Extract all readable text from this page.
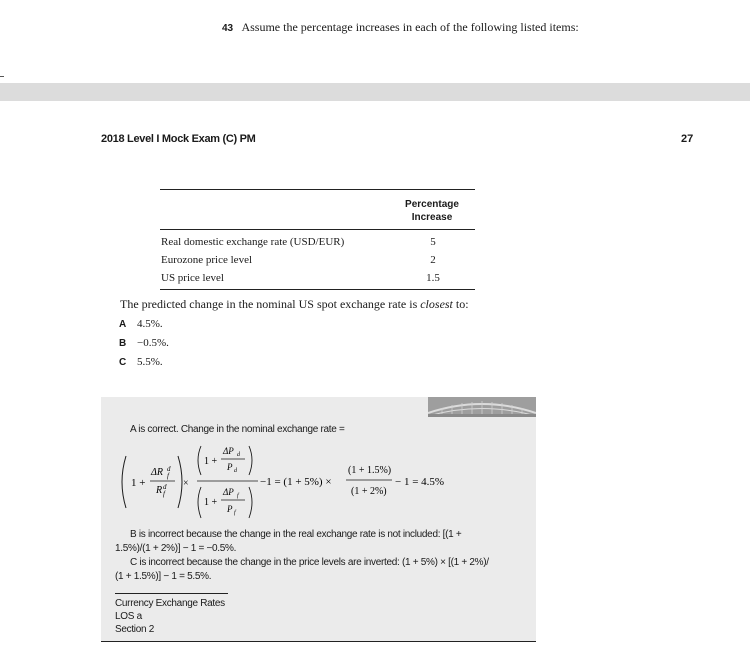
43 Assume the percentage increases in each of the following listed items:
2018 Level I Mock Exam (C) PM	27
Percentage
Increase
Real domestic exchange rate (USD/EUR)	5
Eurozone price level	2
US price level	1.5
The predicted change in the nominal US spot exchange rate is closest to:
A 4.5%.
B −0.5%.
C 5.5%.
A is correct. Change in the nominal exchange rate =
1 +
ΔR d
f
R d
f
×
1 +
ΔP d
P d
1 +
ΔP f
P f
−1 = (1 + 5%) ×
(1 + 1.5%)
(1 + 2%)
− 1 = 4.5%
B is incorrect because the change in the real exchange rate is not included: [(1 +
1.5%)/(1 + 2%)] − 1 = −0.5%.
C is incorrect because the change in the price levels are inverted: (1 + 5%) × [(1 + 2%)/
(1 + 1.5%)] − 1 = 5.5%.
Currency Exchange Rates
LOS a
Section 2
